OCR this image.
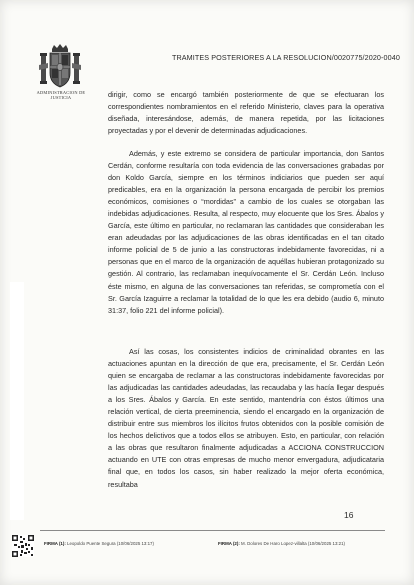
ADMINISTRACION DE JUSTICIA
TRAMITES POSTERIORES A LA RESOLUCION/0020775/2020-0040

dirigir, como se encargó también posteriormente de que se efectuaran los correspondientes nombramientos en el referido Ministerio, claves para la operativa diseñada, interesándose, además, de manera repetida, por las licitaciones proyectadas y por el devenir de determinadas adjudicaciones.

Además, y este extremo se considera de particular importancia, don Santos Cerdán, conforme resultaría con toda evidencia de las conversaciones grabadas por don Koldo García, siempre en los términos indiciarios que pueden ser aquí predicables, era en la organización la persona encargada de percibir los premios económicos, comisiones o “mordidas” a cambio de los cuales se otorgaban las indebidas adjudicaciones. Resulta, al respecto, muy elocuente que los Sres. Ábalos y García, este último en particular, no reclamaran las cantidades que consideraban les eran adeudadas por las adjudicaciones de las obras identificadas en el tan citado informe policial de 5 de junio a las constructoras indebidamente favorecidas, ni a personas que en el marco de la organización de aquéllas hubieran protagonizado su gestión. Al contrario, las reclamaban inequívocamente el Sr. Cerdán León. Incluso éste mismo, en alguna de las conversaciones tan referidas, se comprometía con el Sr. García Izaguirre a reclamar la totalidad de lo que les era debido (audio 6, minuto 31:37, folio 221 del informe policial).

Así las cosas, los consistentes indicios de criminalidad obrantes en las actuaciones apuntan en la dirección de que era, precisamente, el Sr. Cerdán León quien se encargaba de reclamar a las constructoras indebidamente favorecidas por las adjudicadas las cantidades adeudadas, las recaudaba y las hacía llegar después a los Sres. Ábalos y García. En este sentido, mantendría con éstos últimos una relación vertical, de cierta preeminencia, siendo el encargado en la organización de distribuir entre sus miembros los ilícitos frutos obtenidos con la posible comisión de los hechos delictivos que a todos ellos se atribuyen. Esto, en particular, con relación a las obras que resultaron finalmente adjudicadas a ACCIONA CONSTRUCCION actuando en UTE con otras empresas de mucho menor envergadura, adjudicataria final que, en todos los casos, sin haber realizado la mejor oferta económica, resultaba

16
FIRMA (1): Leopoldo Puente Segura (10/06/2025 13:17)	FIRMA (2): M. Dolores De Haro Lopez-villalta (10/06/2025 13:21)
